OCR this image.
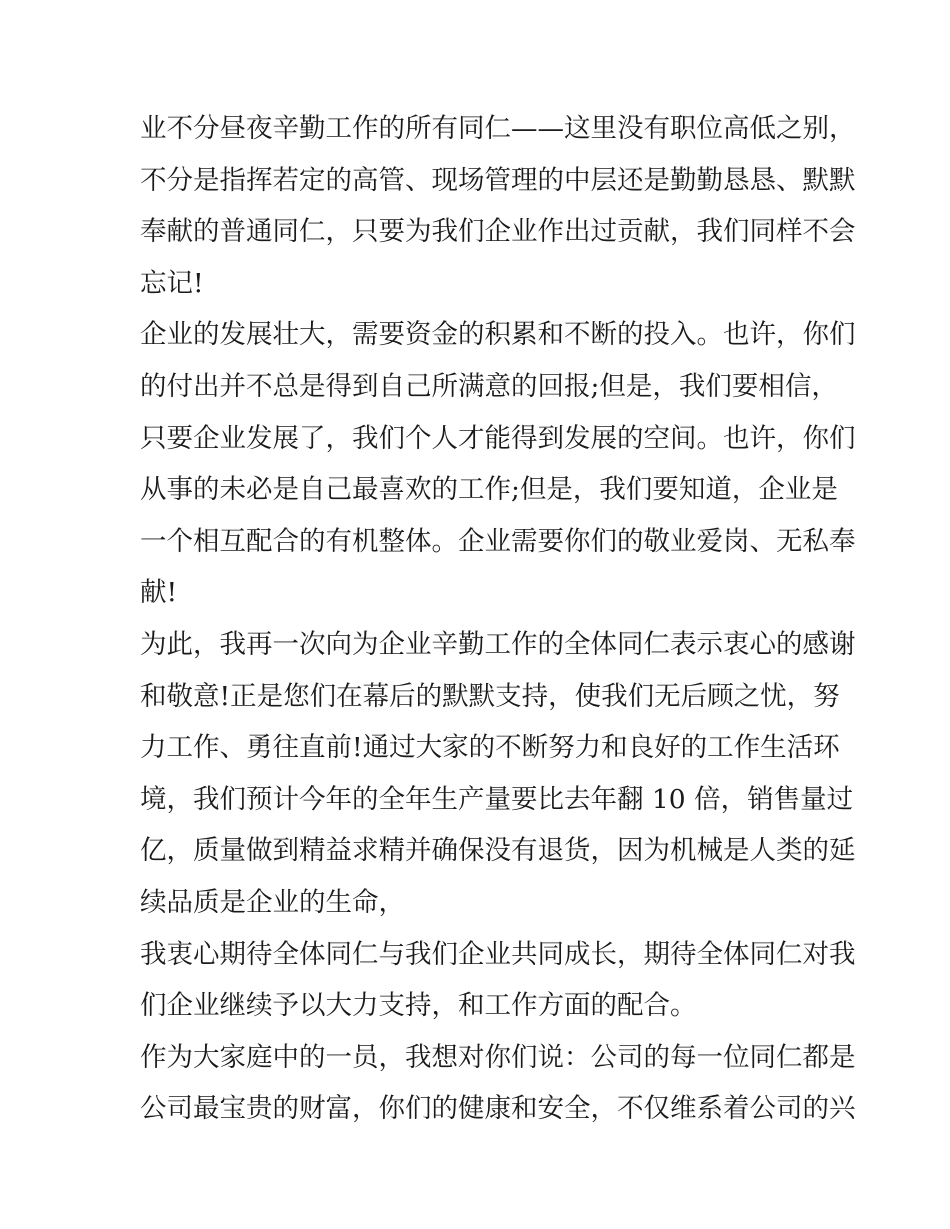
业不分昼夜辛勤工作的所有同仁——这里没有职位高低之别，
不分是指挥若定的高管、现场管理的中层还是勤勤恳恳、默默
奉献的普通同仁，只要为我们企业作出过贡献，我们同样不会
忘记!
企业的发展壮大，需要资金的积累和不断的投入。也许，你们
的付出并不总是得到自己所满意的回报;但是，我们要相信，
只要企业发展了，我们个人才能得到发展的空间。也许，你们
从事的未必是自己最喜欢的工作;但是，我们要知道，企业是
一个相互配合的有机整体。企业需要你们的敬业爱岗、无私奉
献!
为此，我再一次向为企业辛勤工作的全体同仁表示衷心的感谢
和敬意!正是您们在幕后的默默支持，使我们无后顾之忧，努
力工作、勇往直前!通过大家的不断努力和良好的工作生活环
境，我们预计今年的全年生产量要比去年翻 10 倍，销售量过
亿，质量做到精益求精并确保没有退货，因为机械是人类的延
续品质是企业的生命，
我衷心期待全体同仁与我们企业共同成长，期待全体同仁对我
们企业继续予以大力支持，和工作方面的配合。
作为大家庭中的一员，我想对你们说：公司的每一位同仁都是
公司最宝贵的财富，你们的健康和安全，不仅维系着公司的兴
